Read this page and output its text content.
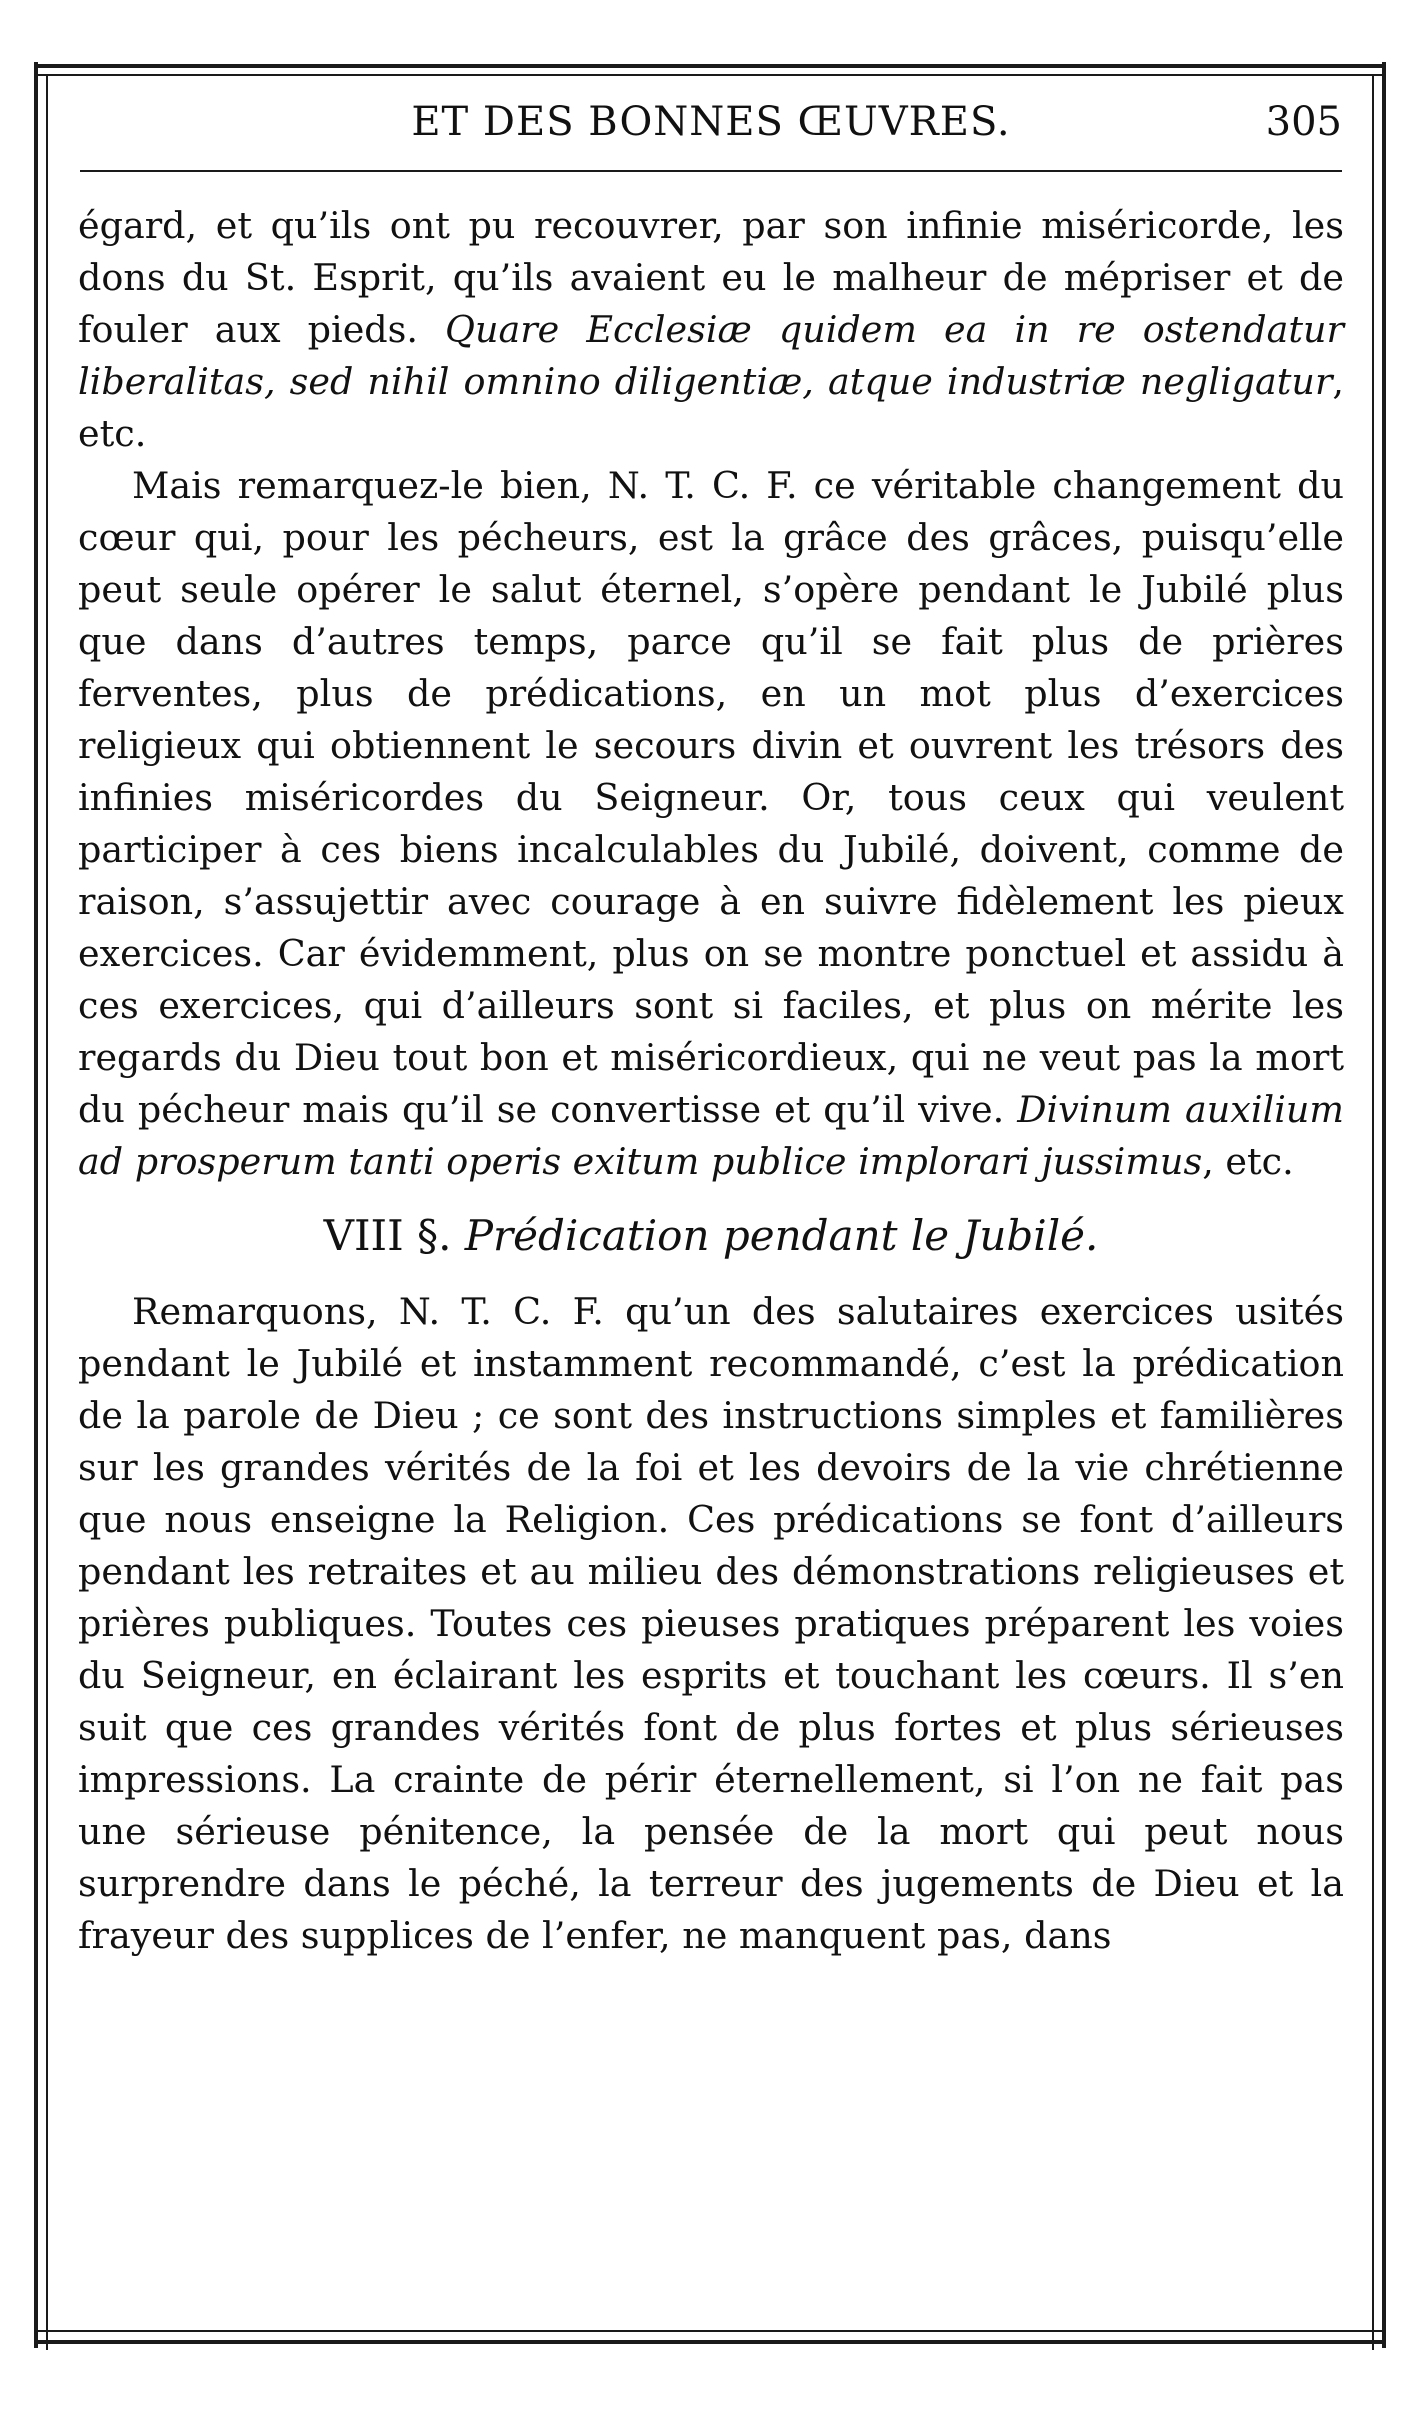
ET DES BONNES ŒUVRES.	305

égard, et qu’ils ont pu recouvrer, par son infinie miséricorde, les dons du St. Esprit, qu’ils avaient eu le malheur de mépriser et de fouler aux pieds. Quare Ecclesiæ quidem ea in re ostendatur liberalitas, sed nihil omnino diligentiæ, atque industriæ negligatur, etc.

Mais remarquez-le bien, N. T. C. F. ce véritable changement du cœur qui, pour les pécheurs, est la grâce des grâces, puisqu’elle peut seule opérer le salut éternel, s’opère pendant le Jubilé plus que dans d’autres temps, parce qu’il se fait plus de prières ferventes, plus de prédications, en un mot plus d’exercices religieux qui obtiennent le secours divin et ouvrent les trésors des infinies miséricordes du Seigneur. Or, tous ceux qui veulent participer à ces biens incalculables du Jubilé, doivent, comme de raison, s’assujettir avec courage à en suivre fidèlement les pieux exercices. Car évidemment, plus on se montre ponctuel et assidu à ces exercices, qui d’ailleurs sont si faciles, et plus on mérite les regards du Dieu tout bon et miséricordieux, qui ne veut pas la mort du pécheur mais qu’il se convertisse et qu’il vive. Divinum auxilium ad prosperum tanti operis exitum publice implorari jussimus, etc.

VIII §. Prédication pendant le Jubilé.

Remarquons, N. T. C. F. qu’un des salutaires exercices usités pendant le Jubilé et instamment recommandé, c’est la prédication de la parole de Dieu ; ce sont des instructions simples et familières sur les grandes vérités de la foi et les devoirs de la vie chrétienne que nous enseigne la Religion. Ces prédications se font d’ailleurs pendant les retraites et au milieu des démonstrations religieuses et prières publiques. Toutes ces pieuses pratiques préparent les voies du Seigneur, en éclairant les esprits et touchant les cœurs. Il s’en suit que ces grandes vérités font de plus fortes et plus sérieuses impressions. La crainte de périr éternellement, si l’on ne fait pas une sérieuse pénitence, la pensée de la mort qui peut nous surprendre dans le péché, la terreur des jugements de Dieu et la frayeur des supplices de l’enfer, ne manquent pas, dans
